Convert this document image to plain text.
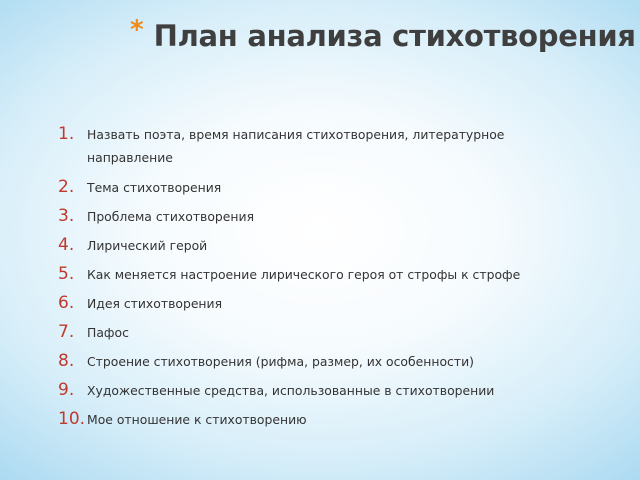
* План анализа стихотворения
1.	Назвать поэта, время написания стихотворения, литературное направление
2.	Тема стихотворения
3.	Проблема стихотворения
4.	Лирический герой
5.	Как меняется настроение лирического героя от строфы к строфе
6.	Идея стихотворения
7.	Пафос
8.	Строение стихотворения (рифма, размер, их особенности)
9.	Художественные средства, использованные в стихотворении
10. Мое отношение к стихотворению
